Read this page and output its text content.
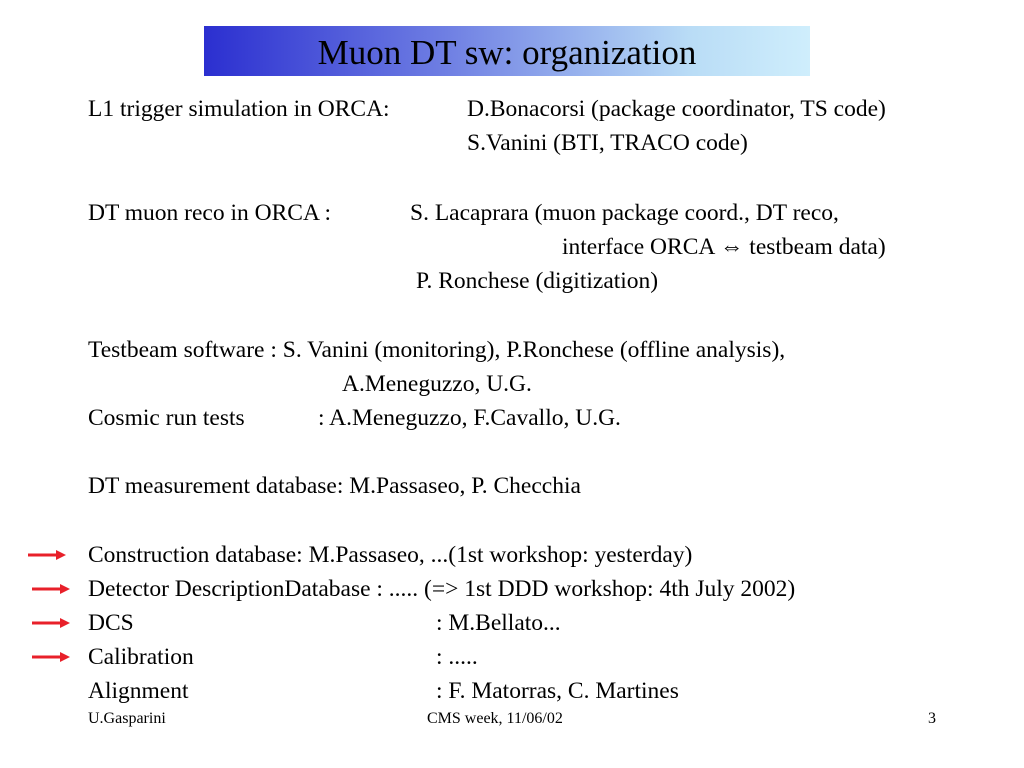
Muon DT sw: organization
L1 trigger simulation in ORCA:	D.Bonacorsi (package coordinator, TS code)
S.Vanini (BTI, TRACO code)
DT muon reco in ORCA :	S. Lacaprara (muon package coord., DT reco,
interface ORCA ⇔ testbeam data)
P. Ronchese (digitization)
Testbeam software : S. Vanini (monitoring), P.Ronchese (offline analysis),
A.Meneguzzo, U.G.
Cosmic run tests	: A.Meneguzzo, F.Cavallo, U.G.
DT measurement database: M.Passaseo, P. Checchia
Construction database: M.Passaseo, ...(1st workshop: yesterday)
Detector DescriptionDatabase : ..... (=> 1st DDD workshop: 4th July 2002)
DCS	: M.Bellato...
Calibration	: .....
Alignment	: F. Matorras, C. Martines
U.Gasparini	CMS week, 11/06/02	3
